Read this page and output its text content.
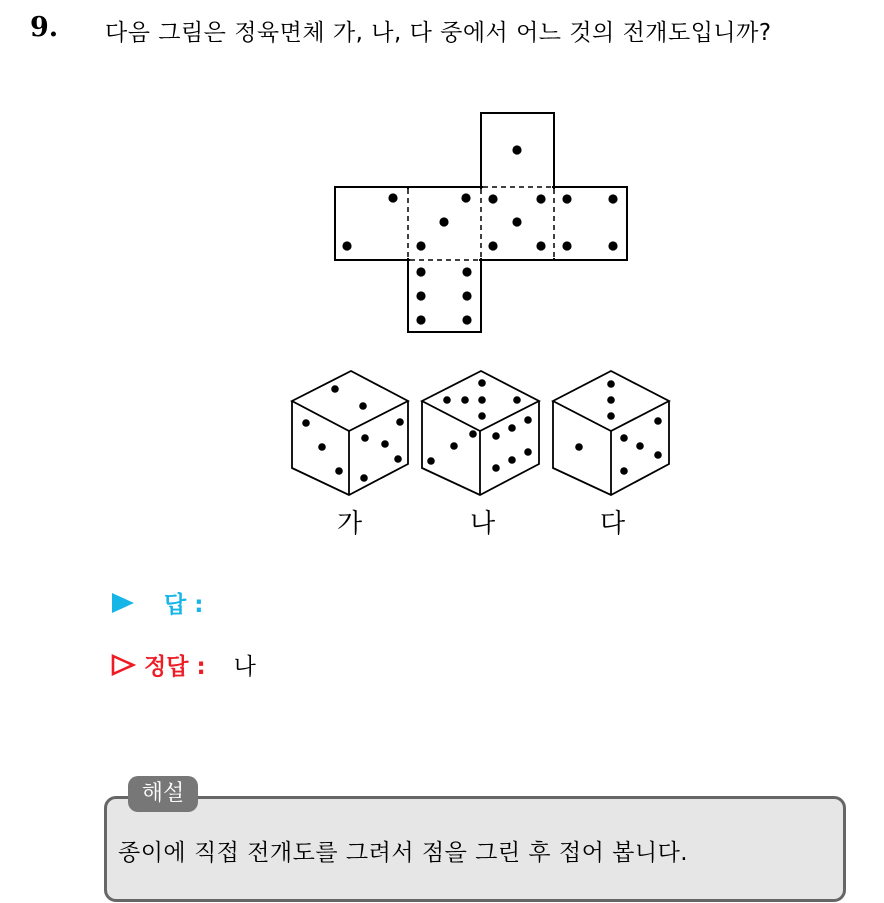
9. 다음 그림은 정육면체 가, 나, 다 중에서 어느 것의 전개도입니까?
가	나	다
답 :
정답 : 나
해설
종이에 직접 전개도를 그려서 점을 그린 후 접어 봅니다.
